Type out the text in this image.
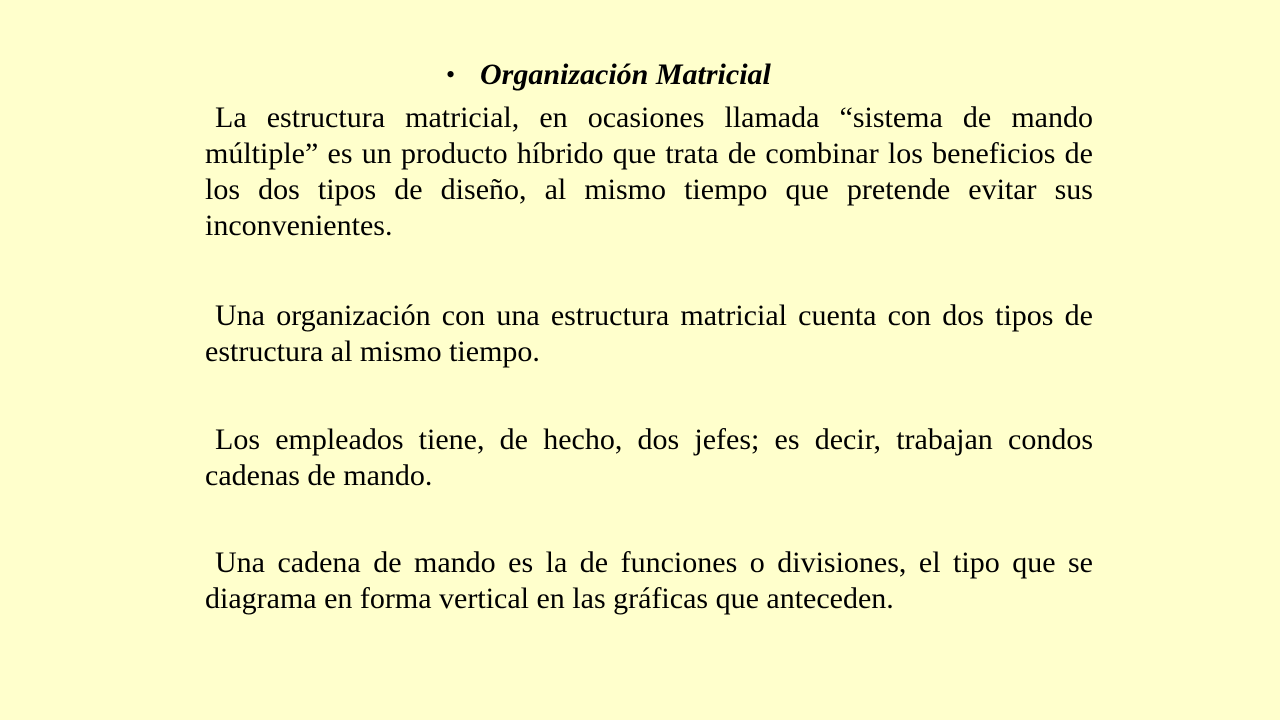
• Organización Matricial

La estructura matricial, en ocasiones llamada “sistema de mando múltiple” es un producto híbrido que trata de combinar los beneficios de los dos tipos de diseño, al mismo tiempo que pretende evitar sus inconvenientes.

Una organización con una estructura matricial cuenta con dos tipos de estructura al mismo tiempo.

Los empleados tiene, de hecho, dos jefes; es decir, trabajan condos cadenas de mando.

Una cadena de mando es la de funciones o divisiones, el tipo que se diagrama en forma vertical en las gráficas que anteceden.
